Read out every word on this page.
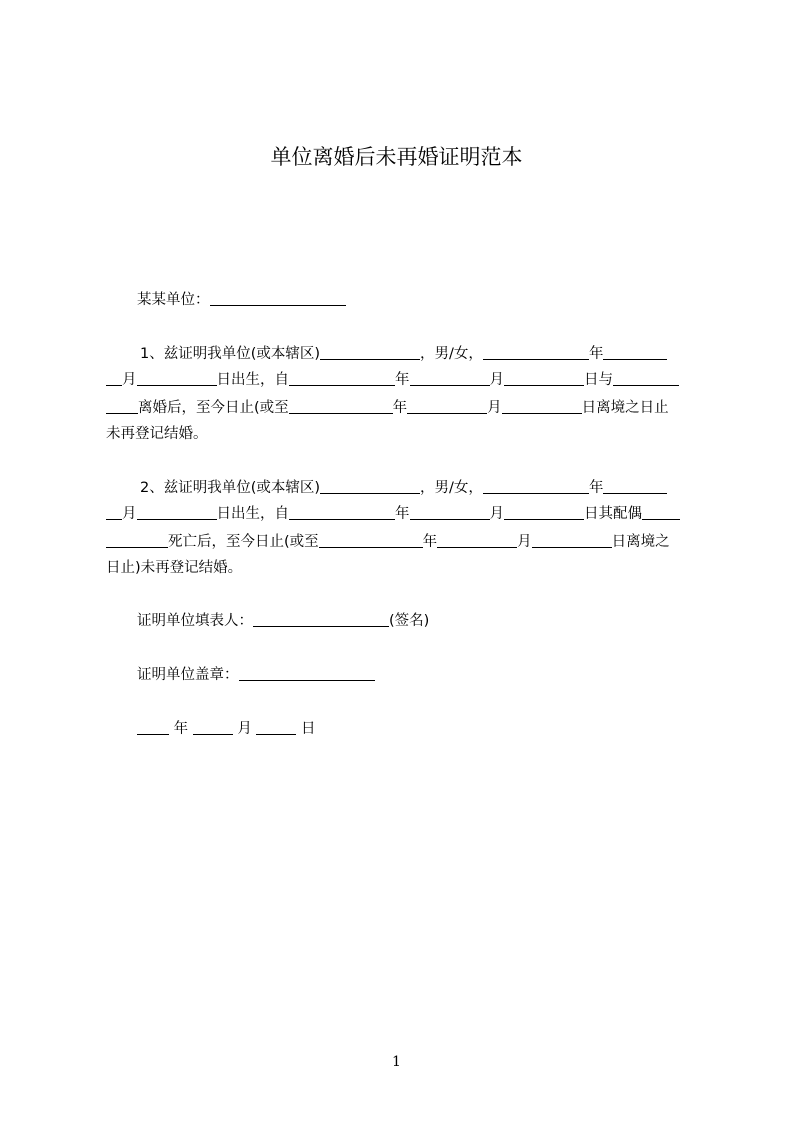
单位离婚后未再婚证明范本
某某单位：
1、兹证明我单位(或本辖区)	，男/女，	年
月	日出生，自	年	月	日与
离婚后，至今日止(或至	年	月	日离境之日止
未再登记结婚。
2、兹证明我单位(或本辖区)	，男/女，	年
月	日出生，自	年	月	日其配偶
死亡后，至今日止(或至	年	月	日离境之
日止)未再登记结婚。
证明单位填表人：	(签名)
证明单位盖章：
年	月	日
1
